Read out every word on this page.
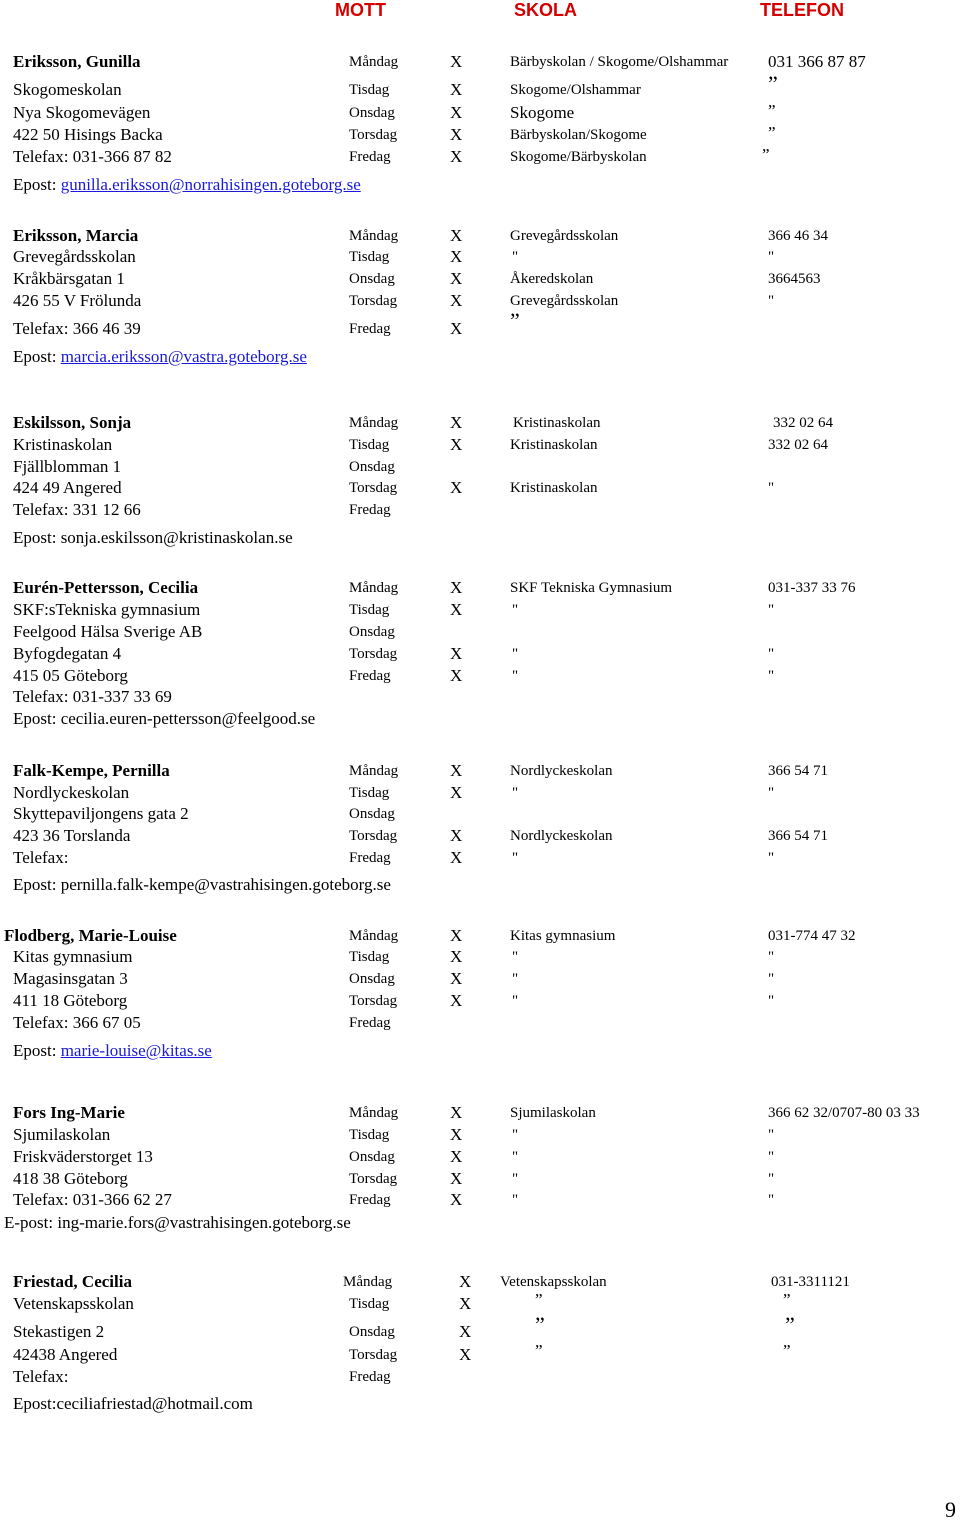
MOTT	SKOLA	TELEFON
Eriksson, Gunilla
Skogomeskolan
Nya Skogomevägen
422 50 Hisings Backa
Telefax: 031-366 87 82
Epost: gunilla.eriksson@norrahisingen.goteborg.se
Måndag
Tisdag
Onsdag
Torsdag
Fredag
X
X
X
X
X
Bärbyskolan / Skogome/Olshammar
Skogome/Olshammar
Skogome
Bärbyskolan/Skogome
Skogome/Bärbyskolan
031 366 87 87
”
”
”
”
Eriksson, Marcia
Grevegårdsskolan
Kråkbärsgatan 1
426 55 V Frölunda
Telefax: 366 46 39
Epost: marcia.eriksson@vastra.goteborg.se
Måndag
Tisdag
Onsdag
Torsdag
Fredag
X
X
X
X
X
Grevegårdsskolan
"
Åkeredskolan
Grevegårdsskolan
”
366 46 34
"
3664563
"
Eskilsson, Sonja
Kristinaskolan
Fjällblomman 1
424 49 Angered
Telefax: 331 12 66
Epost: sonja.eskilsson@kristinaskolan.se
Måndag
Tisdag
Onsdag
Torsdag
Fredag
X
X
X
Kristinaskolan
Kristinaskolan
Kristinaskolan
332 02 64
332 02 64
"
Eurén-Pettersson, Cecilia
SKF:sTekniska gymnasium
Feelgood Hälsa Sverige AB
Byfogdegatan 4
415 05 Göteborg
Telefax: 031-337 33 69
Epost: cecilia.euren-pettersson@feelgood.se
Måndag
Tisdag
Onsdag
Torsdag
Fredag
X
X
X
X
SKF Tekniska Gymnasium
"
"
"
031-337 33 76
"
"
"
Falk-Kempe, Pernilla
Nordlyckeskolan
Skyttepaviljongens gata 2
423 36 Torslanda
Telefax:
Epost: pernilla.falk-kempe@vastrahisingen.goteborg.se
Måndag
Tisdag
Onsdag
Torsdag
Fredag
X
X
X
X
Nordlyckeskolan
"
Nordlyckeskolan
"
366 54 71
"
366 54 71
"
Flodberg, Marie-Louise
Kitas gymnasium
Magasinsgatan 3
411 18 Göteborg
Telefax: 366 67 05
Epost: marie-louise@kitas.se
Måndag
Tisdag
Onsdag
Torsdag
Fredag
X
X
X
X
Kitas gymnasium
"
"
"
031-774 47 32
"
"
"
Fors Ing-Marie
Sjumilaskolan
Friskväderstorget 13
418 38 Göteborg
Telefax: 031-366 62 27
E-post: ing-marie.fors@vastrahisingen.goteborg.se
Måndag
Tisdag
Onsdag
Torsdag
Fredag
X
X
X
X
X
Sjumilaskolan
"
"
"
"
366 62 32/0707-80 03 33
"
"
"
"
Friestad, Cecilia
Vetenskapsskolan
Stekastigen 2
42438 Angered
Telefax:
Epost:ceciliafriestad@hotmail.com
Måndag
Tisdag
Onsdag
Torsdag
Fredag
X
X
X
X
Vetenskapsskolan
”
”
”
031-3311121
”
”
”
9
